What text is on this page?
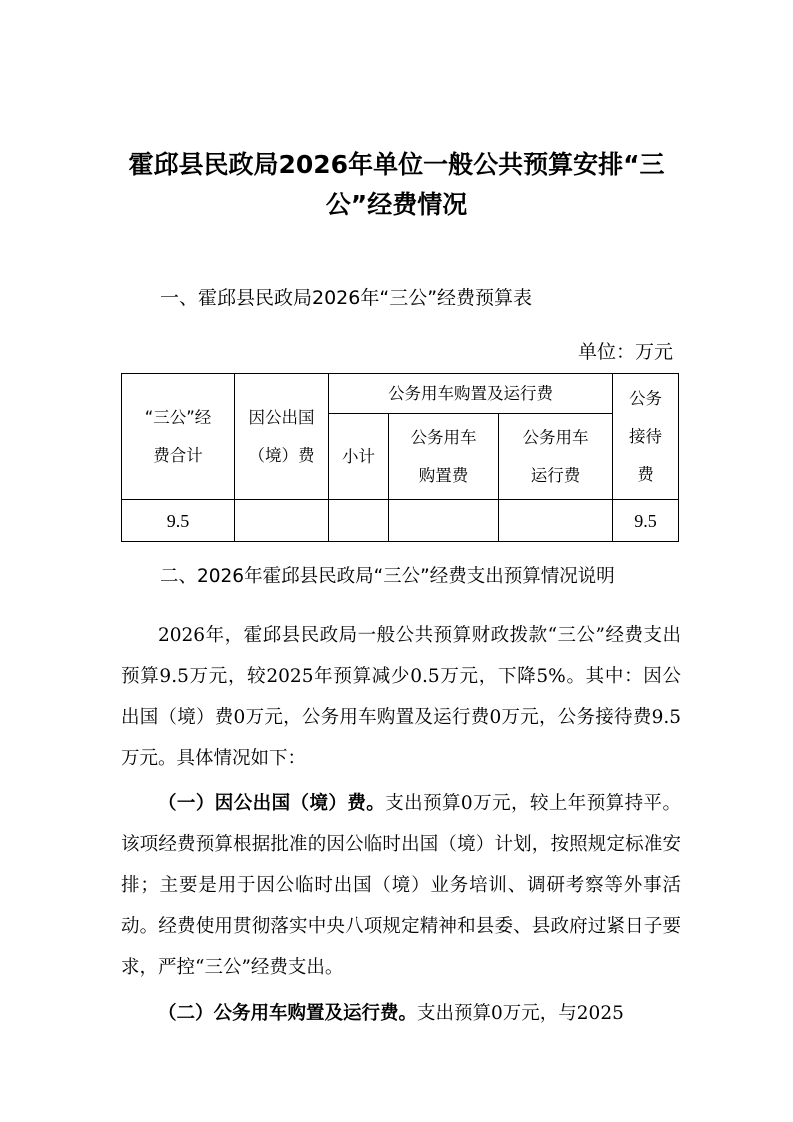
霍邱县民政局2026年单位一般公共预算安排“三公”经费情况
一、霍邱县民政局2026年“三公”经费预算表
单位：万元
“三公”经费合计	因公出国（境）费	公务用车购置及运行费			公务接待费
		小计	公务用车购置费	公务用车运行费	
9.5					9.5
二、2026年霍邱县民政局“三公”经费支出预算情况说明

2026年，霍邱县民政局一般公共预算财政拨款“三公”经费支出预算9.5万元，较2025年预算减少0.5万元，下降5%。其中：因公出国（境）费0万元，公务用车购置及运行费0万元，公务接待费9.5万元。具体情况如下：

（一）因公出国（境）费。支出预算0万元，较上年预算持平。该项经费预算根据批准的因公临时出国（境）计划，按照规定标准安排；主要是用于因公临时出国（境）业务培训、调研考察等外事活动。经费使用贯彻落实中央八项规定精神和县委、县政府过紧日子要求，严控“三公”经费支出。

（二）公务用车购置及运行费。支出预算0万元，与2025
